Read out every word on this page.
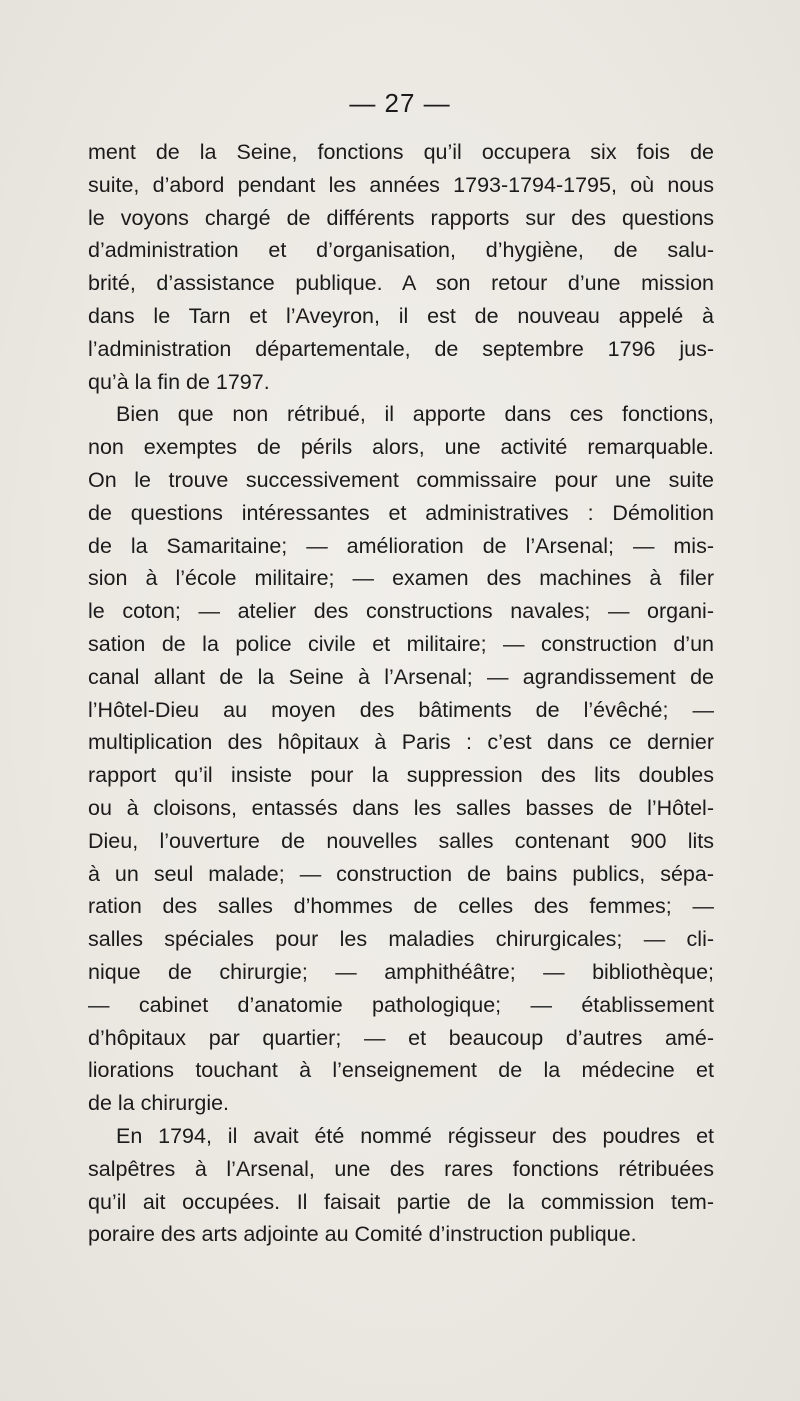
— 27 —
ment de la Seine, fonctions qu’il occupera six fois de
suite, d’abord pendant les années 1793-1794-1795, où nous
le voyons chargé de différents rapports sur des questions
d’administration et d’organisation, d’hygiène, de salu-
brité, d’assistance publique. A son retour d’une mission
dans le Tarn et l’Aveyron, il est de nouveau appelé à
l’administration départementale, de septembre 1796 jus-
qu’à la fin de 1797.
Bien que non rétribué, il apporte dans ces fonctions,
non exemptes de périls alors, une activité remarquable.
On le trouve successivement commissaire pour une suite
de questions intéressantes et administratives : Démolition
de la Samaritaine; — amélioration de l’Arsenal; — mis-
sion à l’école militaire; — examen des machines à filer
le coton; — atelier des constructions navales; — organi-
sation de la police civile et militaire; — construction d’un
canal allant de la Seine à l’Arsenal; — agrandissement de
l’Hôtel-Dieu au moyen des bâtiments de l’évêché; —
multiplication des hôpitaux à Paris : c’est dans ce dernier
rapport qu’il insiste pour la suppression des lits doubles
ou à cloisons, entassés dans les salles basses de l’Hôtel-
Dieu, l’ouverture de nouvelles salles contenant 900 lits
à un seul malade; — construction de bains publics, sépa-
ration des salles d’hommes de celles des femmes; —
salles spéciales pour les maladies chirurgicales; — cli-
nique de chirurgie; — amphithéâtre; — bibliothèque;
— cabinet d’anatomie pathologique; — établissement
d’hôpitaux par quartier; — et beaucoup d’autres amé-
liorations touchant à l’enseignement de la médecine et
de la chirurgie.
En 1794, il avait été nommé régisseur des poudres et
salpêtres à l’Arsenal, une des rares fonctions rétribuées
qu’il ait occupées. Il faisait partie de la commission tem-
poraire des arts adjointe au Comité d’instruction publique.
